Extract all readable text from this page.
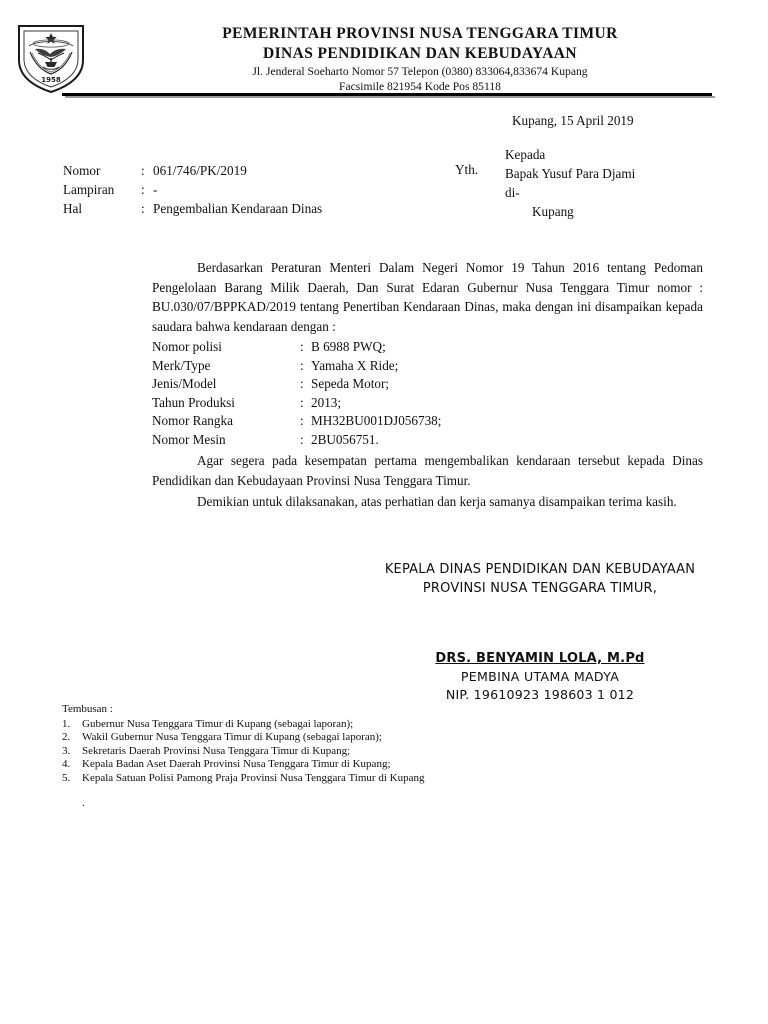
1958
PEMERINTAH PROVINSI NUSA TENGGARA TIMUR
DINAS PENDIDIKAN DAN KEBUDAYAAN
Jl. Jenderal Soeharto Nomor 57 Telepon (0380) 833064,833674 Kupang
Facsimile 821954 Kode Pos 85118
Kupang, 15 April 2019
Yth.
Kepada
Bapak Yusuf Para Djami
di-
Kupang
Nomor	: 061/746/PK/2019
Lampiran	: -
Hal	: Pengembalian Kendaraan Dinas
Berdasarkan Peraturan Menteri Dalam Negeri Nomor 19 Tahun 2016 tentang Pedoman Pengelolaan Barang Milik Daerah, Dan Surat Edaran Gubernur Nusa Tenggara Timur nomor : BU.030/07/BPPKAD/2019 tentang Penertiban Kendaraan Dinas, maka dengan ini disampaikan kepada saudara bahwa kendaraan dengan :
Nomor polisi	: B 6988 PWQ;
Merk/Type	: Yamaha X Ride;
Jenis/Model	: Sepeda Motor;
Tahun Produksi	: 2013;
Nomor Rangka	: MH32BU001DJ056738;
Nomor Mesin	: 2BU056751.
Agar segera pada kesempatan pertama mengembalikan kendaraan tersebut kepada Dinas Pendidikan dan Kebudayaan Provinsi Nusa Tenggara Timur.
Demikian untuk dilaksanakan, atas perhatian dan kerja samanya disampaikan terima kasih.
KEPALA DINAS PENDIDIKAN DAN KEBUDAYAAN
PROVINSI NUSA TENGGARA TIMUR,
DRS. BENYAMIN LOLA, M.Pd
PEMBINA UTAMA MADYA
NIP. 19610923 198603 1 012
Tembusan :
1.	Gubernur Nusa Tenggara Timur di Kupang (sebagai laporan);
2.	Wakil Gubernur Nusa Tenggara Timur di Kupang (sebagai laporan);
3.	Sekretaris Daerah Provinsi Nusa Tenggara Timur di Kupang;
4.	Kepala Badan Aset Daerah Provinsi Nusa Tenggara Timur di Kupang;
5.	Kepala Satuan Polisi Pamong Praja Provinsi Nusa Tenggara Timur di Kupang
.
